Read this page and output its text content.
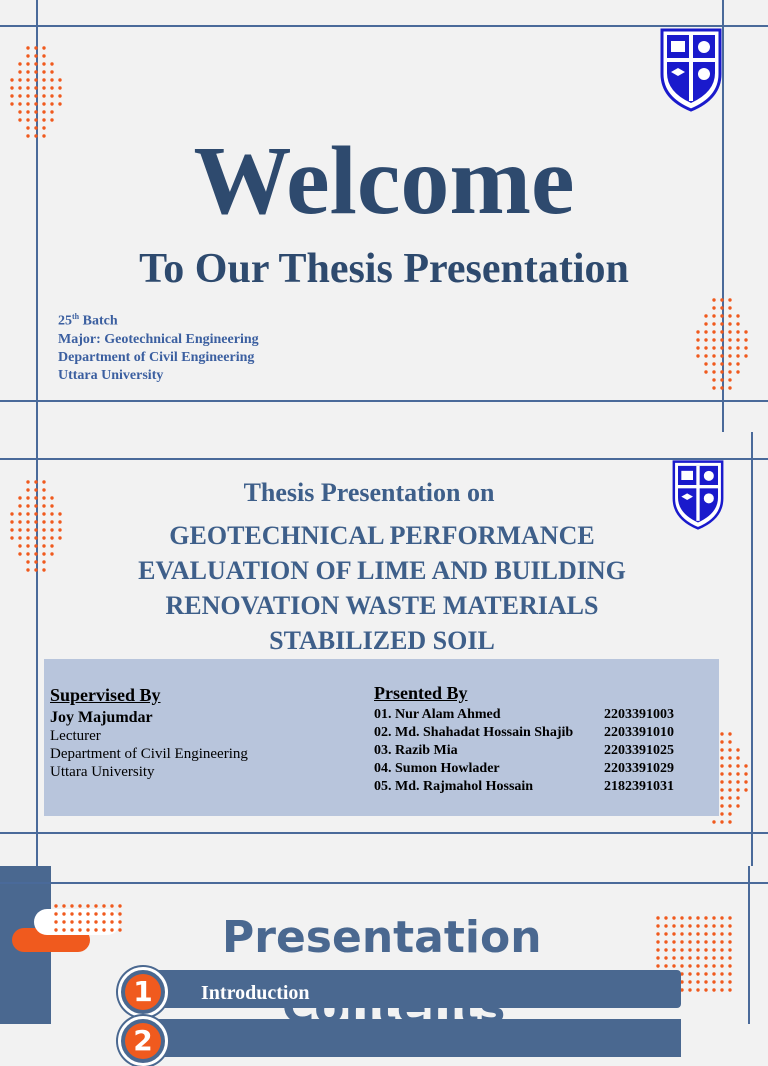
Welcome

To Our Thesis Presentation

25th Batch
Major: Geotechnical Engineering
Department of Civil Engineering
Uttara University

Thesis Presentation on

GEOTECHNICAL PERFORMANCE
EVALUATION OF LIME AND BUILDING
RENOVATION WASTE MATERIALS
STABILIZED SOIL

Supervised By

Joy Majumdar

Lecturer
Department of Civil Engineering
Uttara University

Prsented By

01. Nur Alam Ahmed	2203391003
02. Md. Shahadat Hossain Shajib 2203391010
03. Razib Mia	2203391025
04. Sumon Howlader	2203391029
05. Md. Rajmahol Hossain	2182391031

Presentation

1	Introduction

2
